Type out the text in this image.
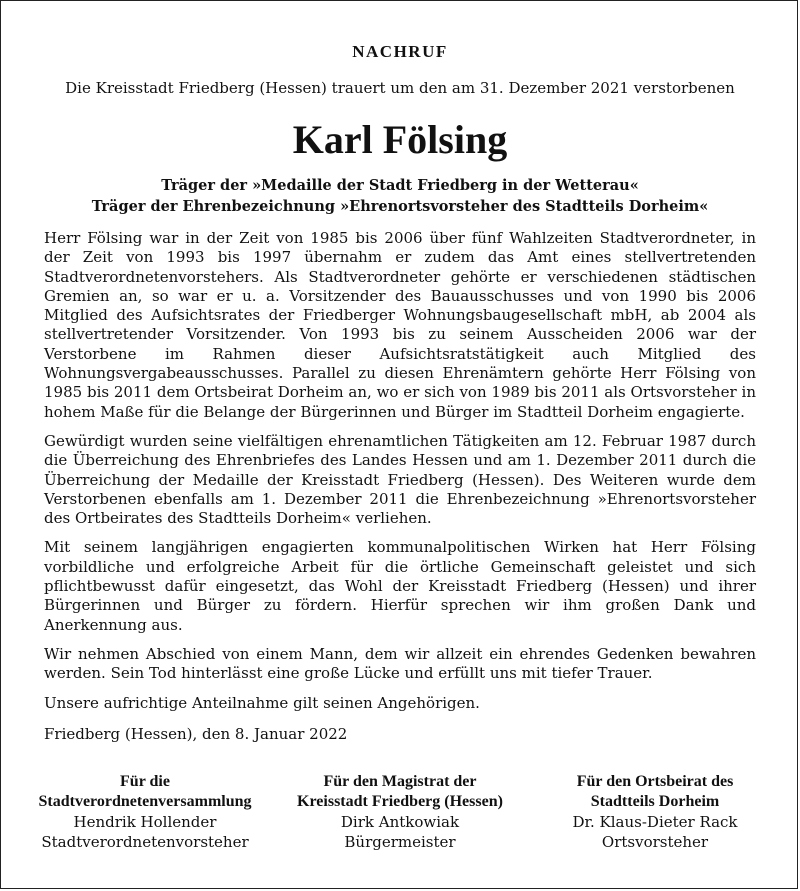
NACHRUF
Die Kreisstadt Friedberg (Hessen) trauert um den am 31. Dezember 2021 verstorbenen
Karl Fölsing
Träger der »Medaille der Stadt Friedberg in der Wetterau«
Träger der Ehrenbezeichnung »Ehrenortsvorsteher des Stadtteils Dorheim«

Herr Fölsing war in der Zeit von 1985 bis 2006 über fünf Wahlzeiten Stadtverordneter, in der Zeit von 1993 bis 1997 übernahm er zudem das Amt eines stellvertretenden Stadtverordnetenvorstehers. Als Stadtverordneter gehörte er verschiedenen städtischen Gremien an, so war er u. a. Vorsitzender des Bauausschusses und von 1990 bis 2006 Mitglied des Aufsichtsrates der Friedberger Wohnungsbaugesellschaft mbH, ab 2004 als stellvertretender Vorsitzender. Von 1993 bis zu seinem Ausscheiden 2006 war der Verstorbene im Rahmen dieser Aufsichtsratstätigkeit auch Mitglied des Wohnungsvergabeausschusses. Parallel zu diesen Ehrenämtern gehörte Herr Fölsing von 1985 bis 2011 dem Ortsbeirat Dorheim an, wo er sich von 1989 bis 2011 als Ortsvorsteher in hohem Maße für die Belange der Bürgerinnen und Bürger im Stadtteil Dorheim engagierte.

Gewürdigt wurden seine vielfältigen ehrenamtlichen Tätigkeiten am 12. Februar 1987 durch die Überreichung des Ehrenbriefes des Landes Hessen und am 1. Dezember 2011 durch die Überreichung der Medaille der Kreisstadt Friedberg (Hessen). Des Weiteren wurde dem Verstorbenen ebenfalls am 1. Dezember 2011 die Ehrenbezeichnung »Ehrenortsvorsteher des Ortbeirates des Stadtteils Dorheim« verliehen.

Mit seinem langjährigen engagierten kommunalpolitischen Wirken hat Herr Fölsing vorbildliche und erfolgreiche Arbeit für die örtliche Gemeinschaft geleistet und sich pflichtbewusst dafür eingesetzt, das Wohl der Kreisstadt Friedberg (Hessen) und ihrer Bürgerinnen und Bürger zu fördern. Hierfür sprechen wir ihm großen Dank und Anerkennung aus.

Wir nehmen Abschied von einem Mann, dem wir allzeit ein ehrendes Gedenken bewahren werden. Sein Tod hinterlässt eine große Lücke und erfüllt uns mit tiefer Trauer.

Unsere aufrichtige Anteilnahme gilt seinen Angehörigen.

Friedberg (Hessen), den 8. Januar 2022
Für die
Stadtverordnetenversammlung
Hendrik Hollender
Stadtverordnetenvorsteher
Für den Magistrat der
Kreisstadt Friedberg (Hessen)
Dirk Antkowiak
Bürgermeister
Für den Ortsbeirat des
Stadtteils Dorheim
Dr. Klaus-Dieter Rack
Ortsvorsteher
